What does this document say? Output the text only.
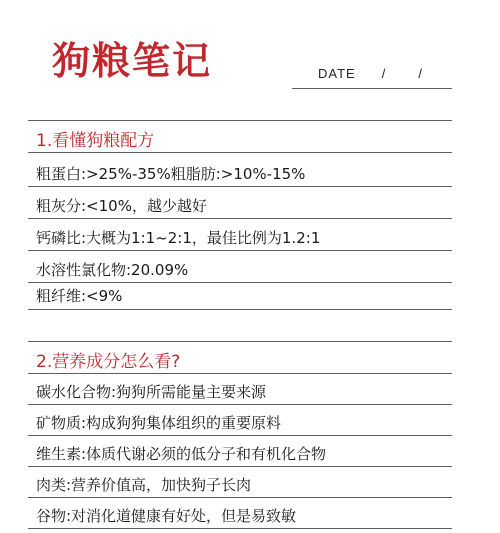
狗粮笔记	DATE / /
1.看懂狗粮配方
粗蛋白:>25%-35%粗脂肪:>10%-15%
粗灰分:<10%，越少越好
钙磷比:大概为1:1~2:1，最佳比例为1.2:1
水溶性氯化物:20.09%
粗纤维:<9%
2.营养成分怎么看?
碳水化合物:狗狗所需能量主要来源
矿物质:构成狗狗集体组织的重要原料
维生素:体质代谢必须的低分子和有机化合物
肉类:营养价值高，加快狗子长肉
谷物:对消化道健康有好处，但是易致敏
